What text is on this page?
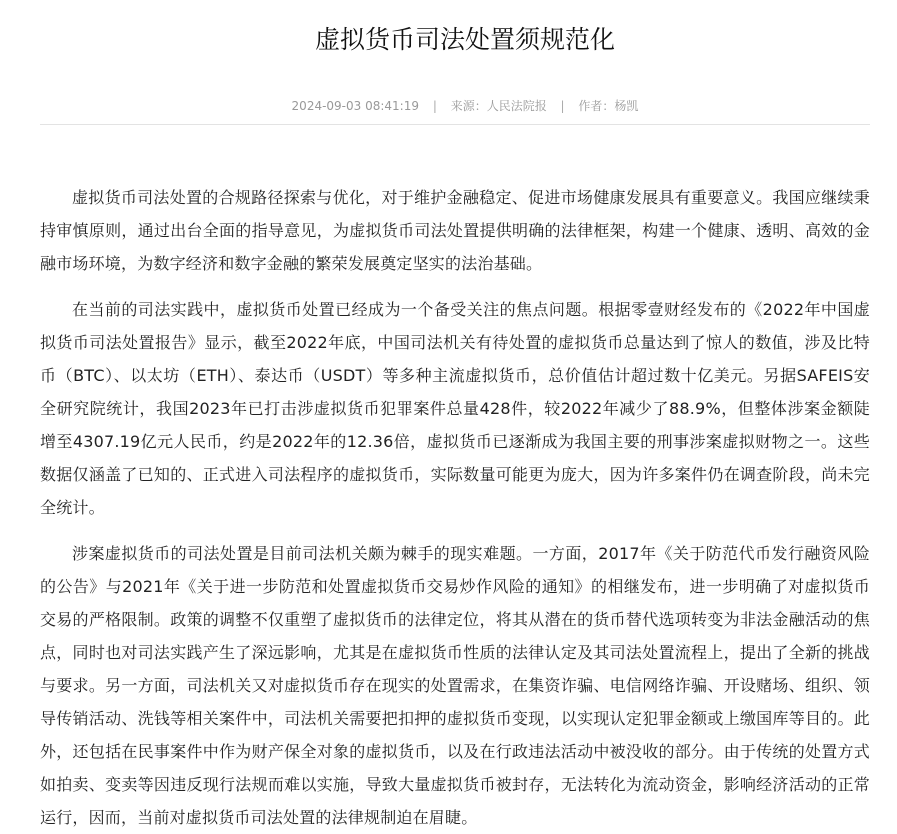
虚拟货币司法处置须规范化
2024-09-03 08:41:19 | 来源：人民法院报 | 作者：杨凯

虚拟货币司法处置的合规路径探索与优化，对于维护金融稳定、促进市场健康发展具有重要意义。我国应继续秉持审慎原则，通过出台全面的指导意见，为虚拟货币司法处置提供明确的法律框架，构建一个健康、透明、高效的金融市场环境，为数字经济和数字金融的繁荣发展奠定坚实的法治基础。

在当前的司法实践中，虚拟货币处置已经成为一个备受关注的焦点问题。根据零壹财经发布的《2022年中国虚拟货币司法处置报告》显示，截至2022年底，中国司法机关有待处置的虚拟货币总量达到了惊人的数值，涉及比特币（BTC）、以太坊（ETH）、泰达币（USDT）等多种主流虚拟货币，总价值估计超过数十亿美元。另据SAFEIS安全研究院统计，我国2023年已打击涉虚拟货币犯罪案件总量428件，较2022年减少了88.9%，但整体涉案金额陡增至4307.19亿元人民币，约是2022年的12.36倍，虚拟货币已逐渐成为我国主要的刑事涉案虚拟财物之一。这些数据仅涵盖了已知的、正式进入司法程序的虚拟货币，实际数量可能更为庞大，因为许多案件仍在调查阶段，尚未完全统计。

涉案虚拟货币的司法处置是目前司法机关颇为棘手的现实难题。一方面，2017年《关于防范代币发行融资风险的公告》与2021年《关于进一步防范和处置虚拟货币交易炒作风险的通知》的相继发布，进一步明确了对虚拟货币交易的严格限制。政策的调整不仅重塑了虚拟货币的法律定位，将其从潜在的货币替代选项转变为非法金融活动的焦点，同时也对司法实践产生了深远影响，尤其是在虚拟货币性质的法律认定及其司法处置流程上，提出了全新的挑战与要求。另一方面，司法机关又对虚拟货币存在现实的处置需求，在集资诈骗、电信网络诈骗、开设赌场、组织、领导传销活动、洗钱等相关案件中，司法机关需要把扣押的虚拟货币变现，以实现认定犯罪金额或上缴国库等目的。此外，还包括在民事案件中作为财产保全对象的虚拟货币，以及在行政违法活动中被没收的部分。由于传统的处置方式如拍卖、变卖等因违反现行法规而难以实施，导致大量虚拟货币被封存，无法转化为流动资金，影响经济活动的正常运行，因而，当前对虚拟货币司法处置的法律规制迫在眉睫。
